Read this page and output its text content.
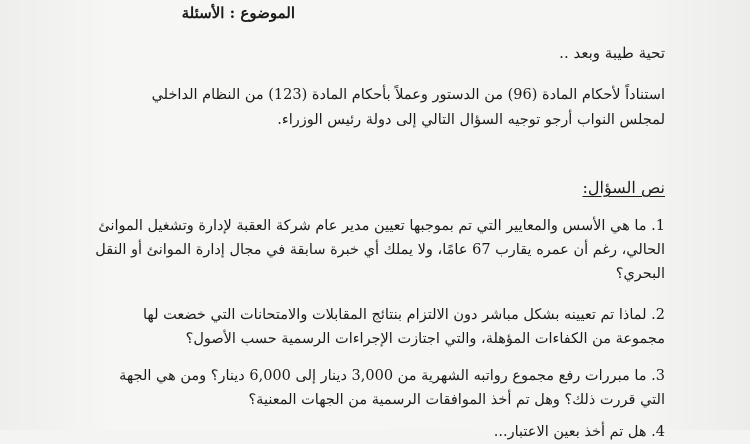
الموضوع : الأسئلة
تحية طيبة وبعد ..
استناداً لأحكام المادة (96) من الدستور وعملاً بأحكام المادة (123) من النظام الداخلي لمجلس النواب أرجو توجيه السؤال التالي إلى دولة رئيس الوزراء.
نص السؤال:
1. ما هي الأسس والمعايير التي تم بموجبها تعيين مدير عام شركة العقبة لإدارة وتشغيل الموانئ الحالي، رغم أن عمره يقارب 67 عامًا، ولا يملك أي خبرة سابقة في مجال إدارة الموانئ أو النقل البحري؟
2. لماذا تم تعيينه بشكل مباشر دون الالتزام بنتائج المقابلات والامتحانات التي خضعت لها مجموعة من الكفاءات المؤهلة، والتي اجتازت الإجراءات الرسمية حسب الأصول؟
3. ما مبررات رفع مجموع رواتبه الشهرية من 3,000 دينار إلى 6,000 دينار؟ ومن هي الجهة التي قررت ذلك؟ وهل تم أخذ الموافقات الرسمية من الجهات المعنية؟
4. هل تم أخذ بعين الاعتبار...
